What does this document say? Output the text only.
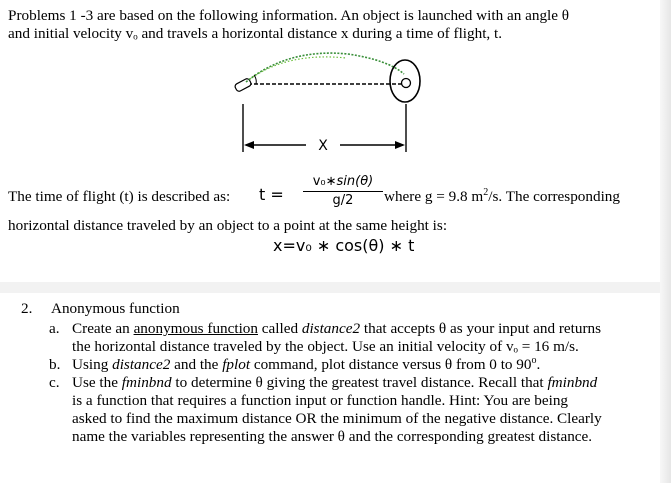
Problems 1 -3 are based on the following information. An object is launched with an angle θ
and initial velocity vₒ and travels a horizontal distance x during a time of flight, t.
X
The time of flight (t) is described as: t =
v₀∗sin(θ)
g/2	where g = 9.8 $m^2/s$. The corresponding
horizontal distance traveled by an object to a point at the same height is:
x=v₀ ∗ cos(θ) ∗ t
2. Anonymous function
a. Create an anonymous function called distance2 that accepts θ as your input and returns
the horizontal distance traveled by the object. Use an initial velocity of vₒ = 16 m/s.
b. Using distance2 and the fplot command, plot distance versus θ from 0 to 90$^o$.
c. Use the fminbnd to determine θ giving the greatest travel distance. Recall that fminbnd
is a function that requires a function input or function handle. Hint: You are being
asked to find the maximum distance OR the minimum of the negative distance. Clearly
name the variables representing the answer θ and the corresponding greatest distance.
